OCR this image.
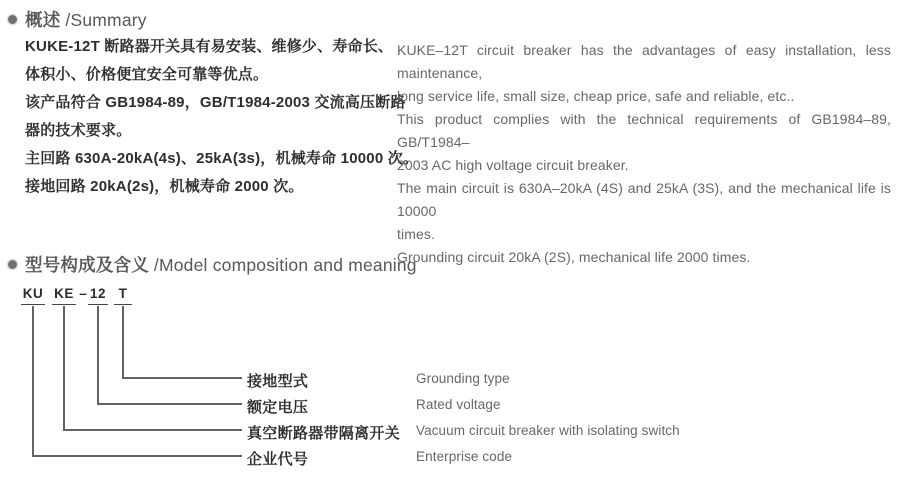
概述 /Summary
KUKE-12T 断路器开关具有易安装、维修少、寿命长、
体积小、价格便宜安全可靠等优点。
该产品符合 GB1984-89，GB/T1984-2003 交流高压断路
器的技术要求。
主回路 630A-20kA(4s)、25kA(3s)，机械寿命 10000 次。
接地回路 20kA(2s)，机械寿命 2000 次。
KUKE–12T circuit breaker has the advantages of easy installation, less maintenance,
long service life, small size, cheap price, safe and reliable, etc..
This product complies with the technical requirements of GB1984–89, GB/T1984–
2003 AC high voltage circuit breaker.
The main circuit is 630A–20kA (4S) and 25kA (3S), and the mechanical life is 10000
times.
Grounding circuit 20kA (2S), mechanical life 2000 times.
型号构成及含义 /Model composition and meaning
KU KE – 12 T
接地型式	Grounding type
额定电压	Rated voltage
真空断路器带隔离开关 Vacuum circuit breaker with isolating switch
企业代号	Enterprise code
